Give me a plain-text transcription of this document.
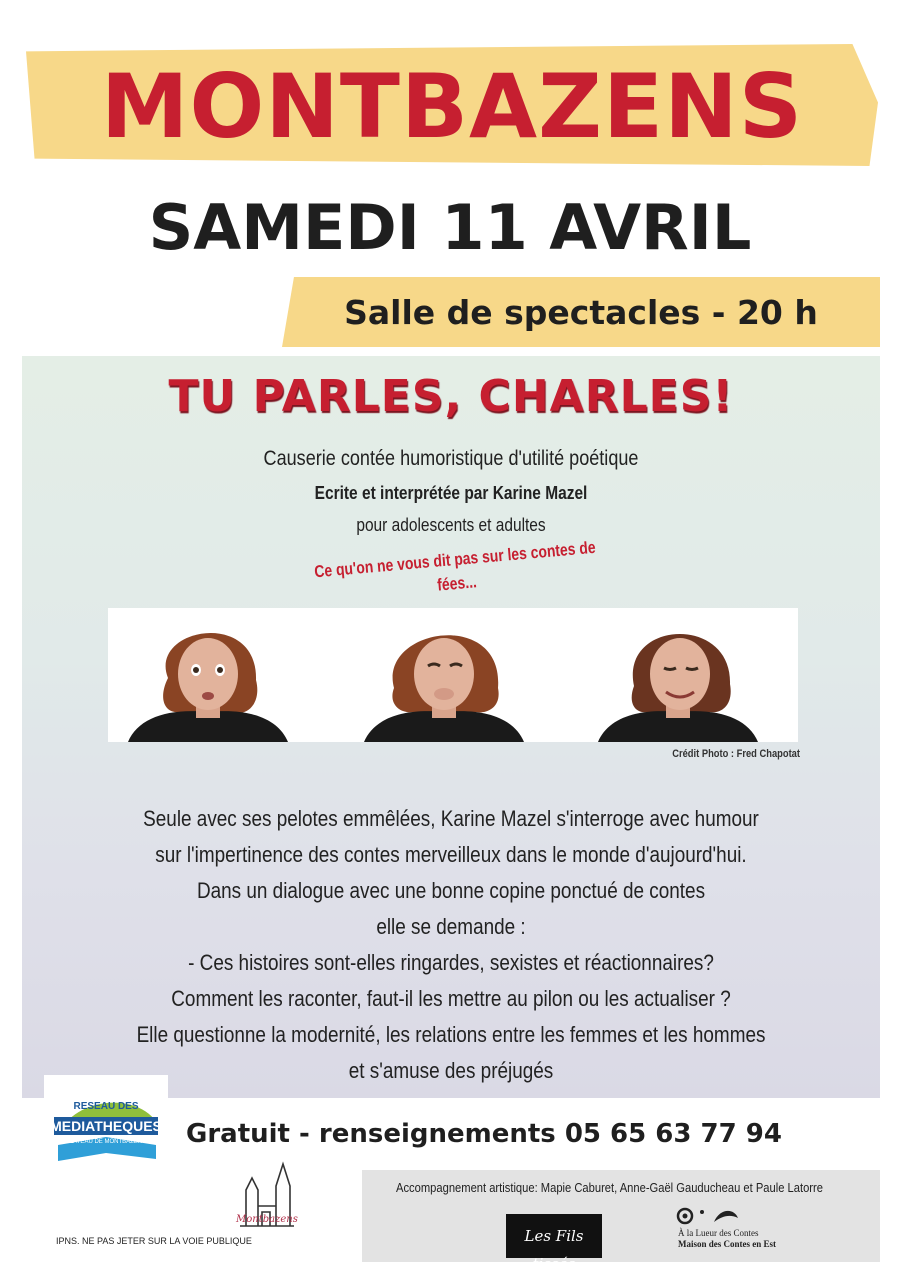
MONTBAZENS
SAMEDI 11 AVRIL
Salle de spectacles - 20 h
TU PARLES, CHARLES!
Causerie contée humoristique d'utilité poétique
Ecrite et interprétée par Karine Mazel
pour adolescents et adultes
Ce qu'on ne vous dit pas sur les contes de fées...
Crédit Photo : Fred Chapotat
Seule avec ses pelotes emmêlées, Karine Mazel s'interroge avec humour
sur l'impertinence des contes merveilleux dans le monde d'aujourd'hui.
Dans un dialogue avec une bonne copine ponctué de contes
elle se demande :
- Ces histoires sont-elles ringardes, sexistes et réactionnaires?
Comment les raconter, faut-il les mettre au pilon ou les actualiser ?
Elle questionne la modernité, les relations entre les femmes et les hommes
et s'amuse des préjugés
RESEAU DES
MEDIATHEQUES
PLATEAU DE MONTBAZENS Gratuit - renseignements 05 65 63 77 94
Montbazens
IPNS. NE PAS JETER SUR LA VOIE PUBLIQUE
Accompagnement artistique: Mapie Caburet, Anne-Gaël Gauducheau et Paule Latorre
Les Fils tissés
À la Lueur des Contes
Maison des Contes en Est
